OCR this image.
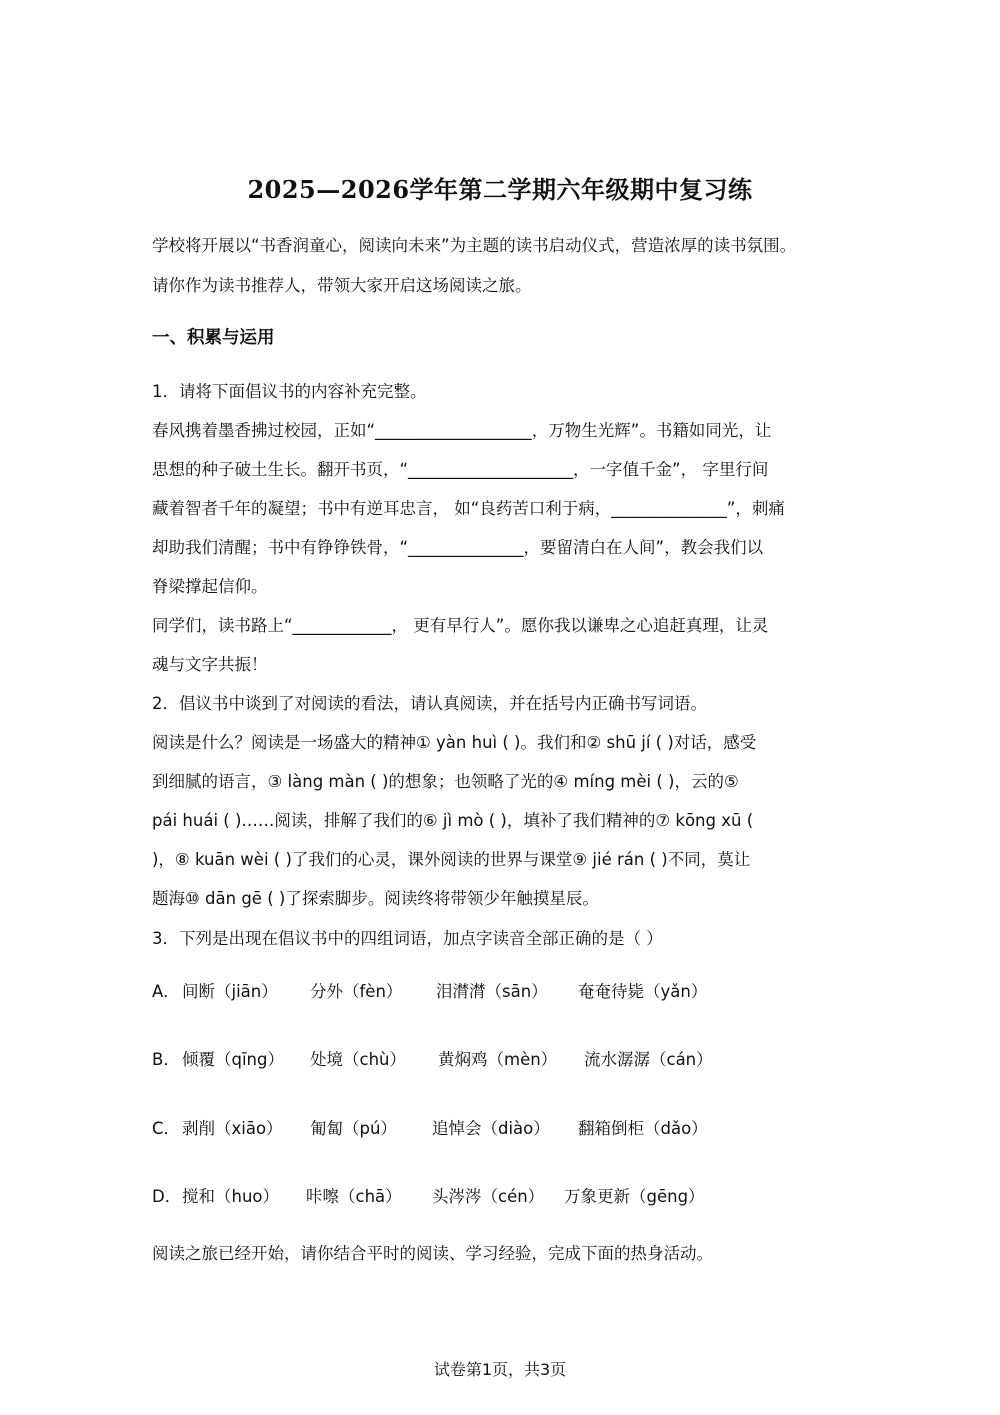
2025—2026学年第二学期六年级期中复习练
学校将开展以“书香润童心，阅读向未来”为主题的读书启动仪式，营造浓厚的读书氛围。
请你作为读书推荐人，带领大家开启这场阅读之旅。
一、积累与运用
1．请将下面倡议书的内容补充完整。
春风携着墨香拂过校园，正如“___________________，万物生光辉”。书籍如同光，让
思想的种子破土生长。翻开书页，“____________________，一字值千金”， 字里行间
藏着智者千年的凝望；书中有逆耳忠言， 如“良药苦口利于病，______________”，刺痛
却助我们清醒；书中有铮铮铁骨，“______________，要留清白在人间”，教会我们以
脊梁撑起信仰。
同学们，读书路上“____________， 更有早行人”。愿你我以谦卑之心追赶真理，让灵
魂与文字共振！
2．倡议书中谈到了对阅读的看法，请认真阅读，并在括号内正确书写词语。
阅读是什么？阅读是一场盛大的精神① yàn huì ( )。我们和② shū jí ( )对话，感受
到细腻的语言，③ làng màn ( )的想象；也领略了光的④ míng mèi ( )，云的⑤
pái huái ( )……阅读，排解了我们的⑥ jì mò ( )，填补了我们精神的⑦ kōng xū (
)，⑧ kuān wèi ( )了我们的心灵，课外阅读的世界与课堂⑨ jié rán ( )不同，莫让
题海⑩ dān gē ( )了探索脚步。阅读终将带领少年触摸星辰。
3．下列是出现在倡议书中的四组词语，加点字读音全部正确的是（ ）
A． 间断（jiān） 分外（fèn） 泪潸潸（sān） 奄奄待毙（yǎn）
B． 倾覆（qīng） 处境（chù） 黄焖鸡（mèn） 流水潺潺（cán）
C． 剥削（xiāo） 匍匐（pú） 追悼会（diào） 翻箱倒柜（dǎo）
D． 搅和（huo） 咔嚓（chā） 头涔涔（cén） 万象更新（gēng）
阅读之旅已经开始，请你结合平时的阅读、学习经验，完成下面的热身活动。
试卷第1页，共3页
